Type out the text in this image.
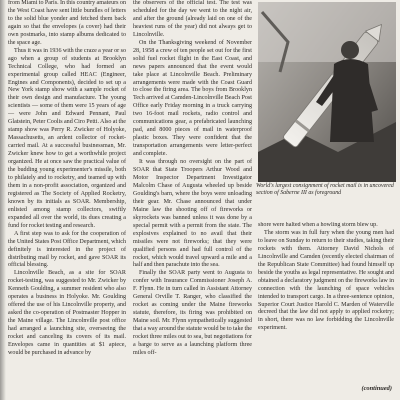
from Miami to Paris. In this country amateurs on the West Coast have sent little bundles of letters to the solid blue yonder and fetched them back again so that the envelopes (a cover) had their own postmarks, into stamp albums dedicated to the space age.

Thus it was in 1936 with the craze a year or so ago when a group of students at Brooklyn Technical College, who had formed an experimental group called HEAC (Engineer, Engines and Components), decided to set up a New York stamp show with a sample rocket of their own design and manufacture. The young scientists — some of them were 15 years of age — were John and Edward Pennant, Paul Glatstein, Peter Coolis and Ciro Petti. Also at the stamp show was Perry R. Zwicker of Holyoke, Massachusetts, an ardent collector of rocket-carried mail. At a successful businessman, Mr. Zwicker knew how to get a worthwhile project organized. He at once saw the practical value of the budding young experimenter's missile, both to philately and to rocketry, and teamed up with them in a non-profit association, organized and registered as The Society of Applied Rocketry, known by its initials as SOAR. Membership, enlisted among stamp collectors, swiftly expanded all over the world, its dues creating a fund for rocket testing and research.

A first step was to ask for the cooperation of the United States Post Office Department, which definitely is interested in the project of distributing mail by rocket, and gave SOAR its official blessing.

Lincolnville Beach, as a site for SOAR rocket-testing, was suggested to Mr. Zwicker by Kenneth Goulding, a summer resident who also operates a business in Holyoke. Mr. Goulding offered the use of his Lincolnville property, and asked the co-operation of Postmaster Hopper in the Maine village. The Lincolnville post office had arranged a launching site, overseeing the rocket and canceling its covers of its mail. Envelopes came in quantities at $1 apiece, would be purchased in advance by

the observers of the official test. The test was scheduled for the day we went to the night air, and after the ground (already laid on one of the heaviest runs of the year) did not always get to Lincolnville.

On the Thanksgiving weekend of November 28, 1958 a crew of ten people set out for the first solid fuel rocket flight in the East Coast, and news papers announced that the event would take place at Lincolnville Beach. Preliminary arrangements were made with the Coast Guard to close the firing area. The boys from Brooklyn Tech arrived at Camden-Lincolnville Beach Post Office early Friday morning in a truck carrying two 16-foot mail rockets, radio control and communications gear, a prefabricated launching pad, and 8000 pieces of mail in waterproof plastic boxes. They were confident that the transportation arrangements were letter-perfect and complete.

It was through no oversight on the part of SOAR that State Troopers Arthur Wood and Motor Inspector Department Investigator Malcolm Chase of Augusta wheeled up beside Goulding's barn, where the boys were unloading their gear. Mr. Chase announced that under Maine law the shooting off of fireworks or skyrockets was banned unless it was done by a special permit with a permit from the state. The explosives explained to no avail that their missiles were not fireworks; that they were qualified persons and had full control of the rocket, which would travel upward a mile and a half and then parachute into the sea.

Finally the SOAR party went to Augusta to confer with Insurance Commissioner Joseph A. F. Flynn. He in turn called in Assistant Attorney General Orville T. Ranger, who classified the rocket as coming under the Maine fireworks statute, therefore, its firing was prohibited on Maine soil. Mr. Flynn sympathetically suggested that a way around the statute would be to take the rocket three miles out to sea, but negotiations for a barge to serve as a launching platform three miles off-

World's largest consignment of rocket mail is in uncovered section of Saberne III as foreground

shore were halted when a howling storm blew up.

The storm was in full fury when the young men had to leave on Sunday to return to their studies, taking their rockets with them. Attorney David Nichols of Lincolnville and Camden (recently elected chairman of the Republican State Committee) had found himself up beside the youths as legal representative. He sought and obtained a declaratory judgment on the fireworks law in connection with the launching of space vehicles intended to transport cargo. In a three-sentence opinion, Superior Court Justice Harold C. Marden of Waterville decreed that the law did not apply to applied rocketry; in short, there was no law forbidding the Lincolnville experiment.

(continued)
